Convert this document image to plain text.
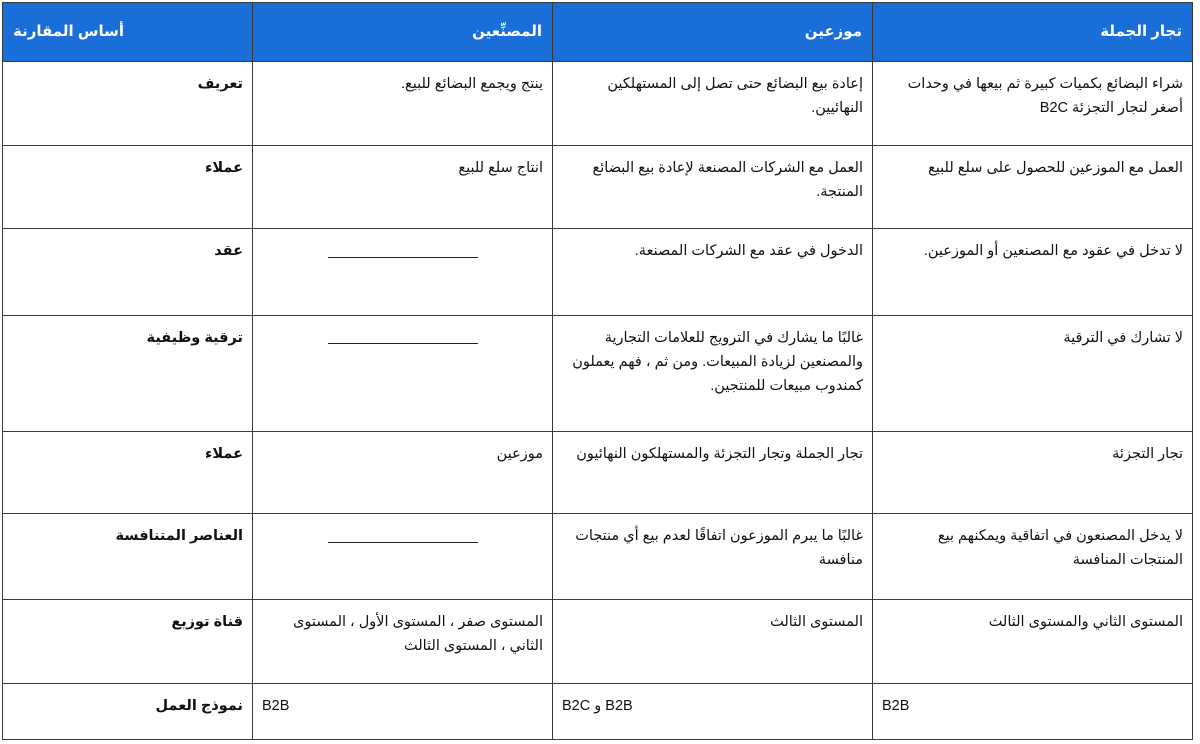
أساس المقارنة	المصنِّعين	موزعين	تجار الجملة
تعريف	ينتج ويجمع البضائع للبيع.	إعادة بيع البضائع حتى تصل إلى المستهلكين النهائيين.	شراء البضائع بكميات كبيرة ثم بيعها في وحدات أصغر لتجار التجزئة B2C
عملاء	انتاج سلع للبيع	العمل مع الشركات المصنعة لإعادة بيع البضائع المنتجة.	العمل مع الموزعين للحصول على سلع للبيع
عقد		الدخول في عقد مع الشركات المصنعة.	لا تدخل في عقود مع المصنعين أو الموزعين.
ترقية وظيفية		غالبًا ما يشارك في الترويج للعلامات التجارية والمصنعين لزيادة المبيعات. ومن ثم ، فهم يعملون كمندوب مبيعات للمنتجين.	لا تشارك في الترقية
عملاء	موزعين	تجار الجملة وتجار التجزئة والمستهلكون النهائيون	تجار التجزئة
العناصر المتنافسة		غالبًا ما يبرم الموزعون اتفاقًا لعدم بيع أي منتجات منافسة	لا يدخل المصنعون في اتفاقية ويمكنهم بيع المنتجات المنافسة
قناة توزيع	المستوى صفر ، المستوى الأول ، المستوى الثاني ، المستوى الثالث	المستوى الثالث	المستوى الثاني والمستوى الثالث
نموذج العمل	B2B	B2C و B2B	B2B
